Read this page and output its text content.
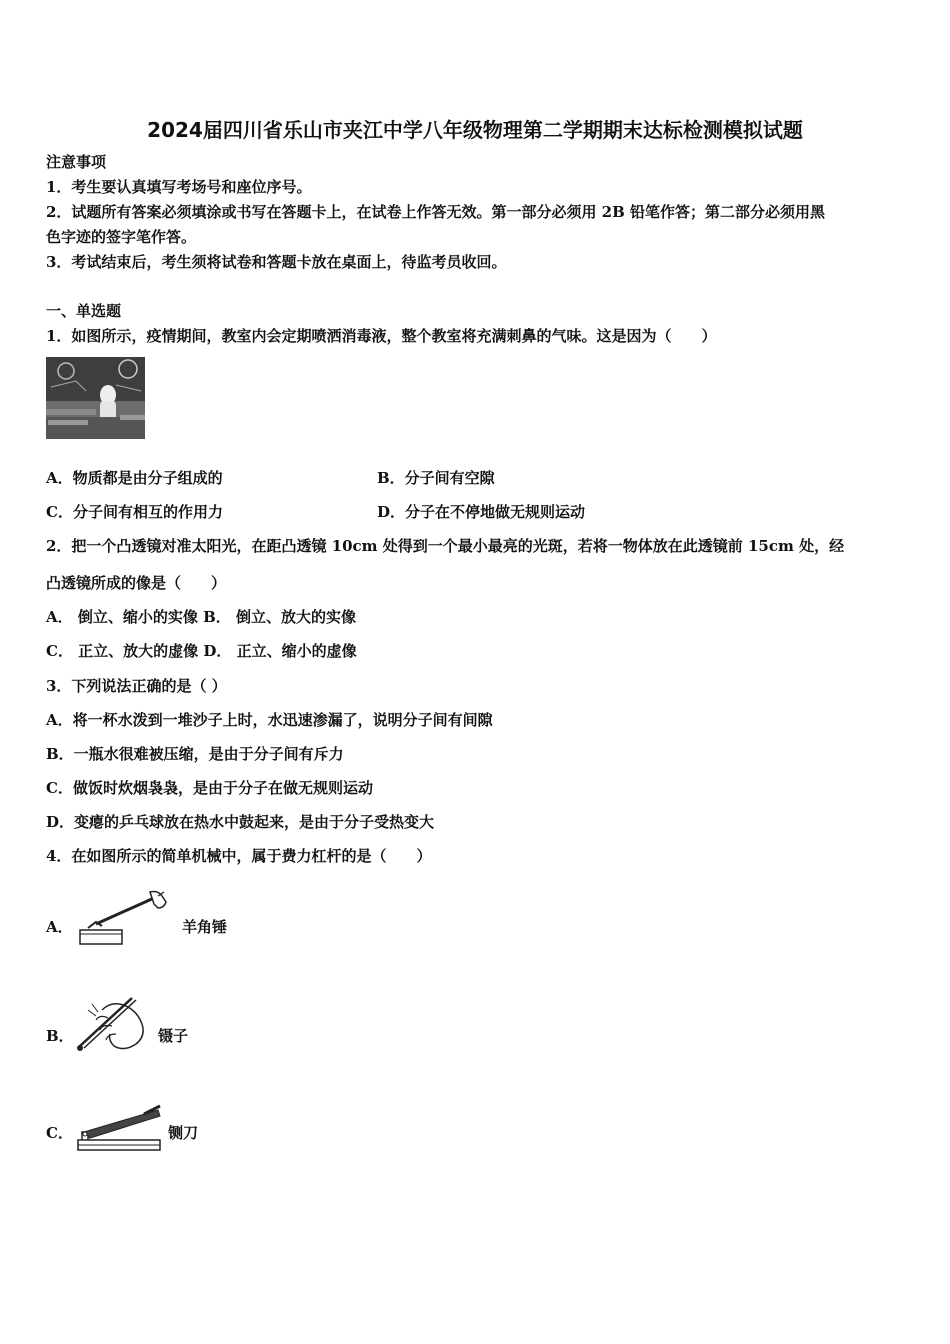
2024届四川省乐山市夹江中学八年级物理第二学期期末达标检测模拟试题
注意事项
1．考生要认真填写考场号和座位序号。
2．试题所有答案必须填涂或书写在答题卡上，在试卷上作答无效。第一部分必须用 2B 铅笔作答；第二部分必须用黑
色字迹的签字笔作答。
3．考试结束后，考生须将试卷和答题卡放在桌面上，待监考员收回。
一、单选题
1．如图所示，疫情期间，教室内会定期喷洒消毒液，整个教室将充满刺鼻的气味。这是因为（　　）
A．物质都是由分子组成的	B．分子间有空隙
C．分子间有相互的作用力	D．分子在不停地做无规则运动
2．把一个凸透镜对准太阳光，在距凸透镜 10cm 处得到一个最小最亮的光斑，若将一物体放在此透镜前 15cm 处，经
凸透镜所成的像是（　　）
A． 倒立、缩小的实像 B． 倒立、放大的实像
C． 正立、放大的虚像 D． 正立、缩小的虚像
3．下列说法正确的是（ ）
A．将一杯水泼到一堆沙子上时，水迅速渗漏了，说明分子间有间隙
B．一瓶水很难被压缩，是由于分子间有斥力
C．做饭时炊烟袅袅，是由于分子在做无规则运动
D．变瘪的乒乓球放在热水中鼓起来，是由于分子受热变大
4．在如图所示的简单机械中，属于费力杠杆的是（　　）
A．	羊角锤
B．	镊子
C．	铡刀
